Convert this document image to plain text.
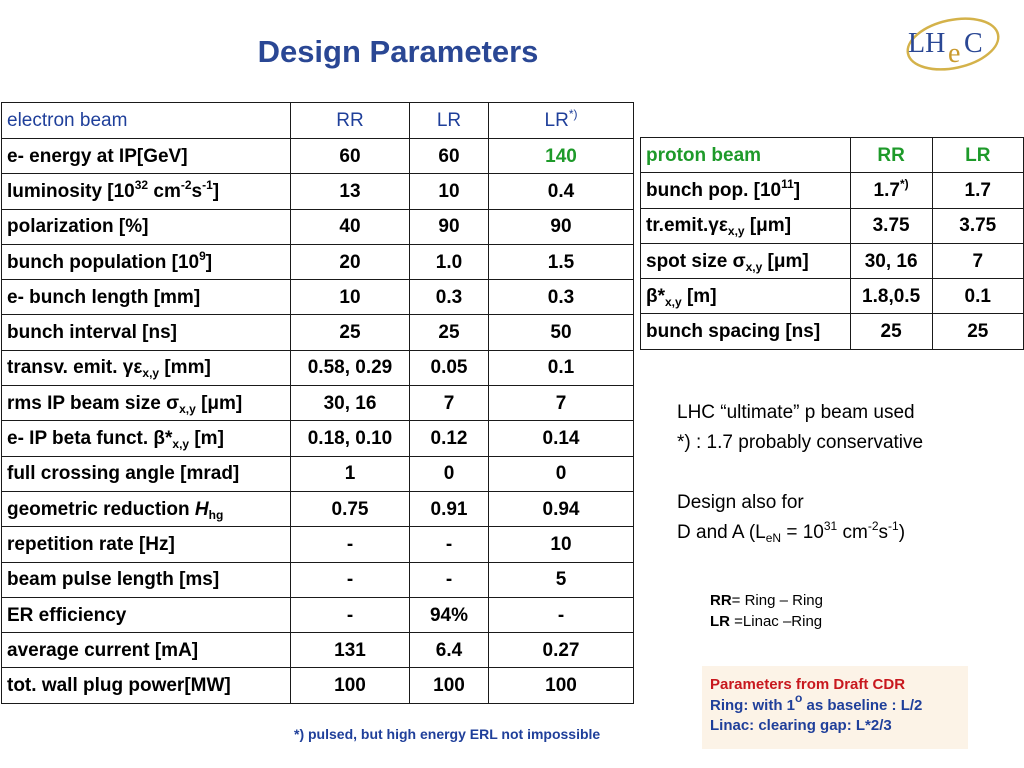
Design Parameters	LH e C
electron beam	RR	LR	LR*)
e- energy at IP[GeV]	60	60	140
luminosity [$10^{32}$ $cm^{-2}s^{-1}$]	13	10	0.4
polarization [%]	40	90	90
bunch population $[10^9]$	20	1.0	1.5
e- bunch length [mm]	10	0.3	0.3
bunch interval [ns]	25	25	50
transv. emit. $\gamma\varepsilon_{x,y}$ [mm]	0.58, 0.29	0.05	0.1
rms IP beam size $\sigma_{x,y}$ [μm]	30, 16	7	7
e- IP beta funct. $\beta*_{x,y}$ [m]	0.18, 0.10	0.12	0.14
full crossing angle [mrad]	1	0	0
geometric reduction $H_{hg}$	0.75	0.91	0.94
repetition rate [Hz]	-	-	10
beam pulse length [ms]	-	-	5
ER efficiency	-	94%	-
average current [mA]	131	6.4	0.27
tot. wall plug power[MW]	100	100	100
proton beam	RR	LR
bunch pop. $[10^{11}]$	1.7*)	1.7
$tr.emit.\gamma\varepsilon_{x,y}$ [μm]	3.75	3.75
spot size $\sigma_{x,y}$ [μm]	30, 16	7
$\beta*_{x,y}$ [m]	1.8,0.5	0.1
bunch spacing [ns]	25	25
LHC “ultimate” p beam used
*) : 1.7 probably conservative
Design also for
D and A ($L_{eN} = 10^{31}$ $cm^{-2}s^{-1}$)
RR= Ring – Ring
LR =Linac –Ring
Parameters from Draft CDR
Ring: with 1$^o$ as baseline : L/2
Linac: clearing gap: L*2/3
*) pulsed, but high energy ERL not impossible
